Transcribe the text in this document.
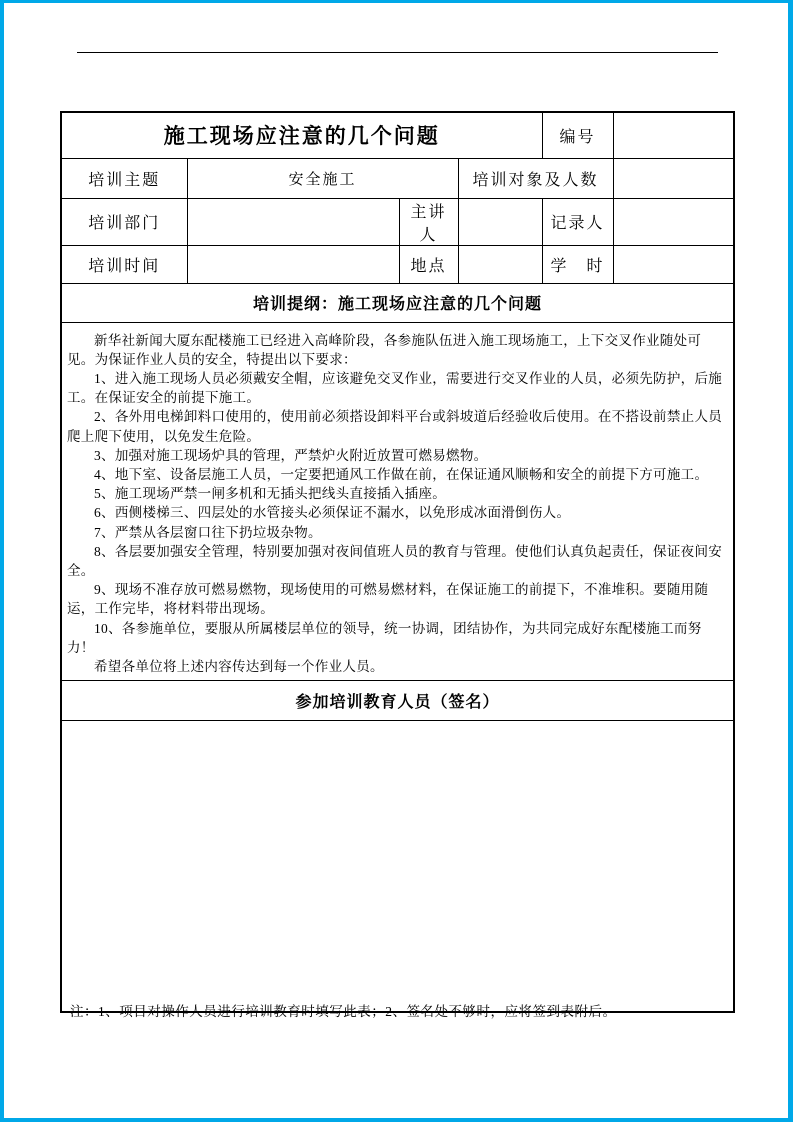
施工现场应注意的几个问题				编号	
培训主题	安全施工		培训对象及人数		
培训部门		主讲人		记录人	
培训时间		地点		学　时	
培训提纲：施工现场应注意的几个问题					

新华社新闻大厦东配楼施工已经进入高峰阶段，各参施队伍进入施工现场施工，上下交叉作业随处可见。为保证作业人员的安全，特提出以下要求：

1、进入施工现场人员必须戴安全帽，应该避免交叉作业，需要进行交叉作业的人员，必须先防护，后施工。在保证安全的前提下施工。

2、各外用电梯卸料口使用的，使用前必须搭设卸料平台或斜坡道后经验收后使用。在不搭设前禁止人员爬上爬下使用，以免发生危险。

3、加强对施工现场炉具的管理，严禁炉火附近放置可燃易燃物。

4、地下室、设备层施工人员，一定要把通风工作做在前，在保证通风顺畅和安全的前提下方可施工。

5、施工现场严禁一闸多机和无插头把线头直接插入插座。

6、西侧楼梯三、四层处的水管接头必须保证不漏水，以免形成冰面滑倒伤人。

7、严禁从各层窗口往下扔垃圾杂物。

8、各层要加强安全管理，特别要加强对夜间值班人员的教育与管理。使他们认真负起责任，保证夜间安全。

9、现场不准存放可燃易燃物，现场使用的可燃易燃材料，在保证施工的前提下，不准堆积。要随用随运，工作完毕，将材料带出现场。

10、各参施单位，要服从所属楼层单位的领导，统一协调，团结协作，为共同完成好东配楼施工而努力！

希望各单位将上述内容传达到每一个作业人员。

参加培训教育人员（签名）					

注：1、项目对操作人员进行培训教育时填写此表；2、签名处不够时，应将签到表附后。
